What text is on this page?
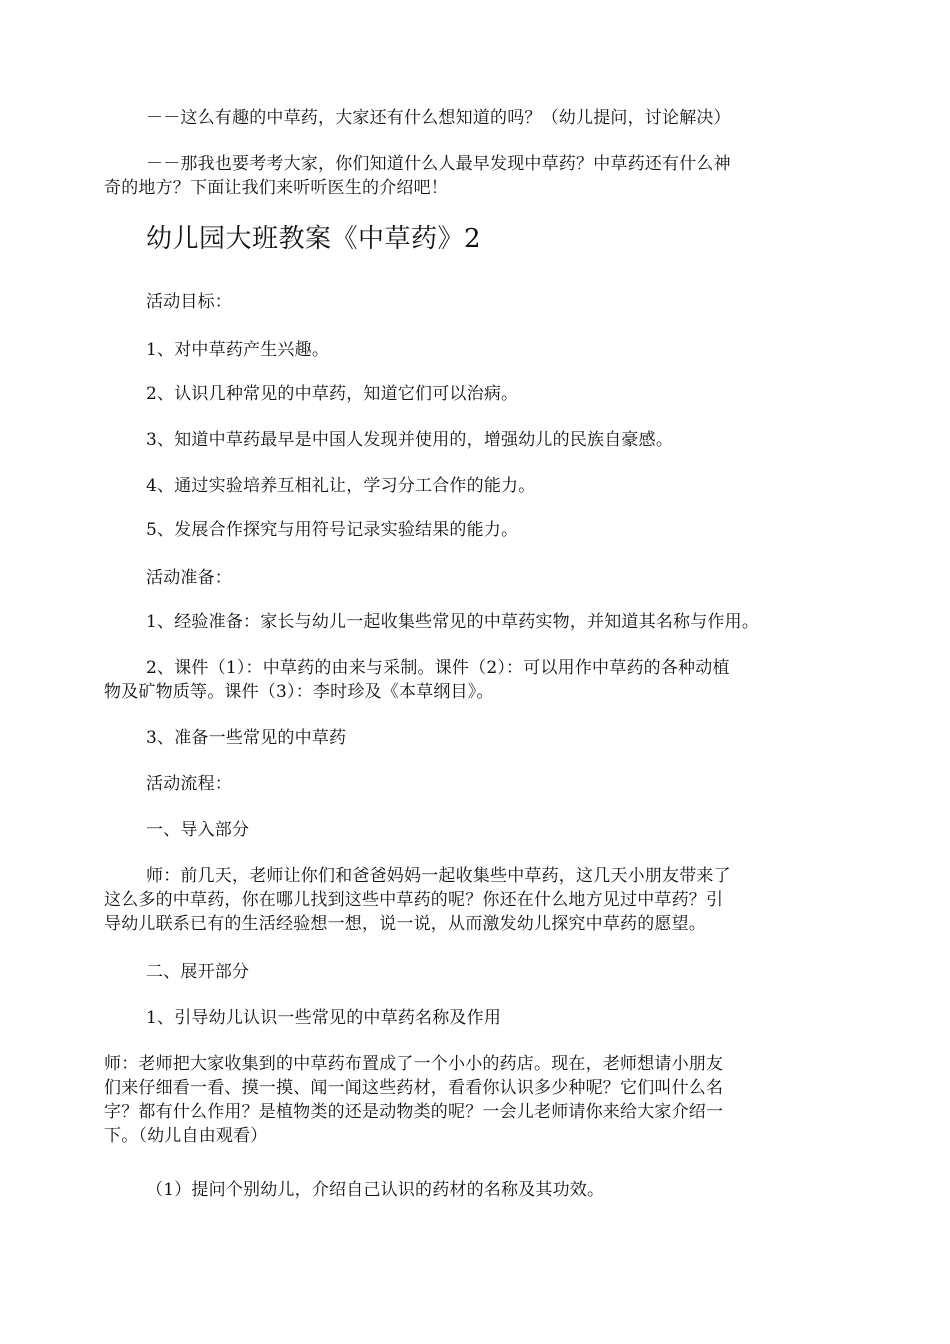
－－这么有趣的中草药，大家还有什么想知道的吗？（幼儿提问，讨论解决）

－－那我也要考考大家，你们知道什么人最早发现中草药？中草药还有什么神
奇的地方？下面让我们来听听医生的介绍吧！
幼儿园大班教案《中草药》2

活动目标：

1、对中草药产生兴趣。

2、认识几种常见的中草药，知道它们可以治病。

3、知道中草药最早是中国人发现并使用的，增强幼儿的民族自豪感。

4、通过实验培养互相礼让，学习分工合作的能力。

5、发展合作探究与用符号记录实验结果的能力。

活动准备：

1、经验准备：家长与幼儿一起收集些常见的中草药实物，并知道其名称与作用。

2、课件（1）：中草药的由来与采制。课件（2）：可以用作中草药的各种动植
物及矿物质等。课件（3）：李时珍及《本草纲目》。

3、准备一些常见的中草药

活动流程：

一、导入部分

师：前几天，老师让你们和爸爸妈妈一起收集些中草药，这几天小朋友带来了
这么多的中草药，你在哪儿找到这些中草药的呢？你还在什么地方见过中草药？引
导幼儿联系已有的生活经验想一想，说一说，从而激发幼儿探究中草药的愿望。

二、展开部分

1、引导幼儿认识一些常见的中草药名称及作用

师：老师把大家收集到的中草药布置成了一个小小的药店。现在，老师想请小朋友
们来仔细看一看、摸一摸、闻一闻这些药材，看看你认识多少种呢？它们叫什么名
字？都有什么作用？是植物类的还是动物类的呢？一会儿老师请你来给大家介绍一
下。（幼儿自由观看）

（1）提问个别幼儿，介绍自己认识的药材的名称及其功效。
